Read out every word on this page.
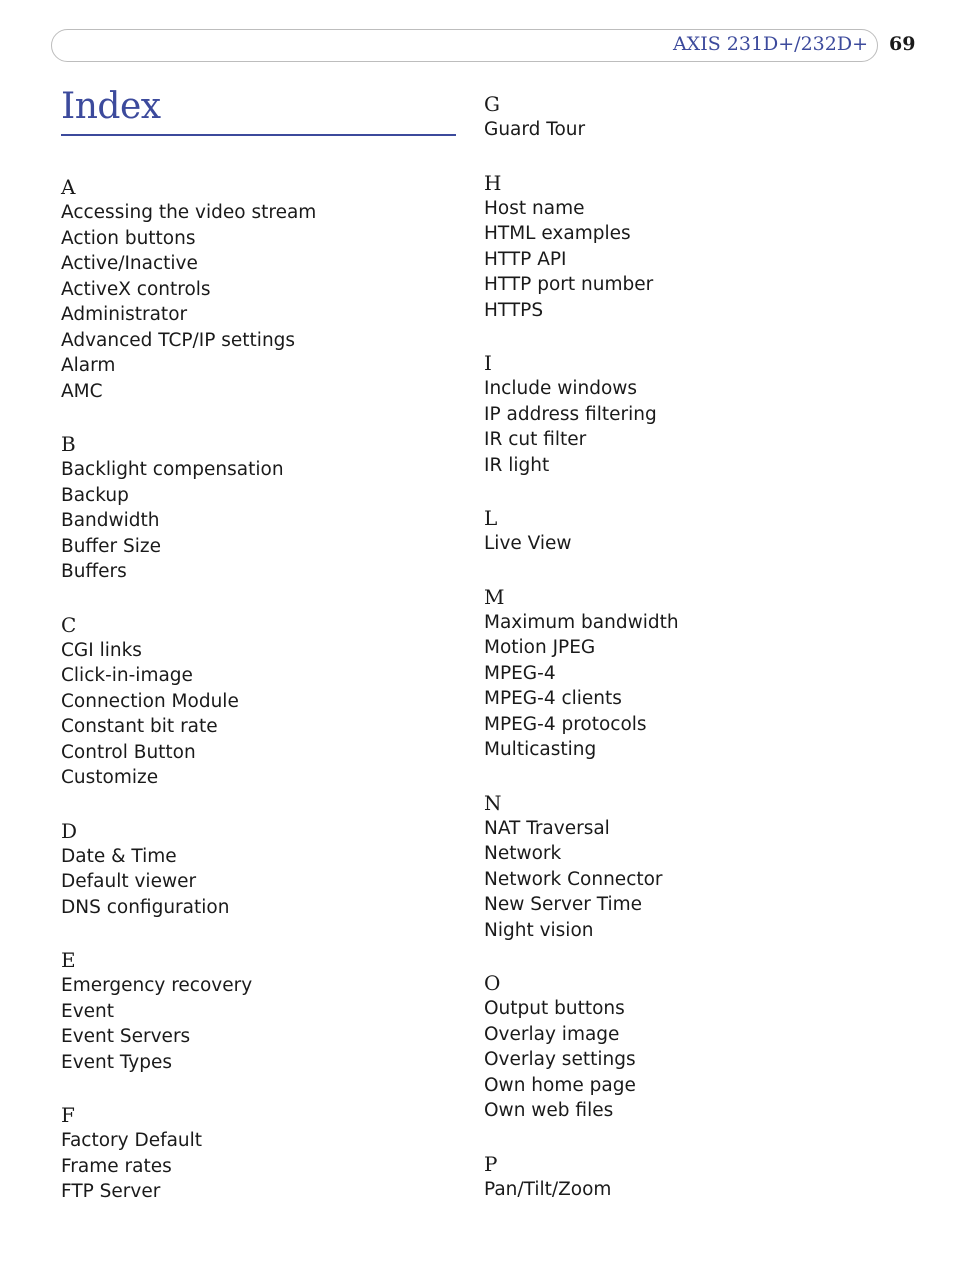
AXIS 231D+/232D+ 69
Index
A
Accessing the video stream
Action buttons
Active/Inactive
ActiveX controls
Administrator
Advanced TCP/IP settings
Alarm
AMC
B
Backlight compensation
Backup
Bandwidth
Buffer Size
Buffers
C
CGI links
Click-in-image
Connection Module
Constant bit rate
Control Button
Customize
D
Date & Time
Default viewer
DNS configuration
E
Emergency recovery
Event
Event Servers
Event Types
F
Factory Default
Frame rates
FTP Server
G
Guard Tour
H
Host name
HTML examples
HTTP API
HTTP port number
HTTPS
I
Include windows
IP address filtering
IR cut filter
IR light
L
Live View
M
Maximum bandwidth
Motion JPEG
MPEG-4
MPEG-4 clients
MPEG-4 protocols
Multicasting
N
NAT Traversal
Network
Network Connector
New Server Time
Night vision
O
Output buttons
Overlay image
Overlay settings
Own home page
Own web files
P
Pan/Tilt/Zoom
